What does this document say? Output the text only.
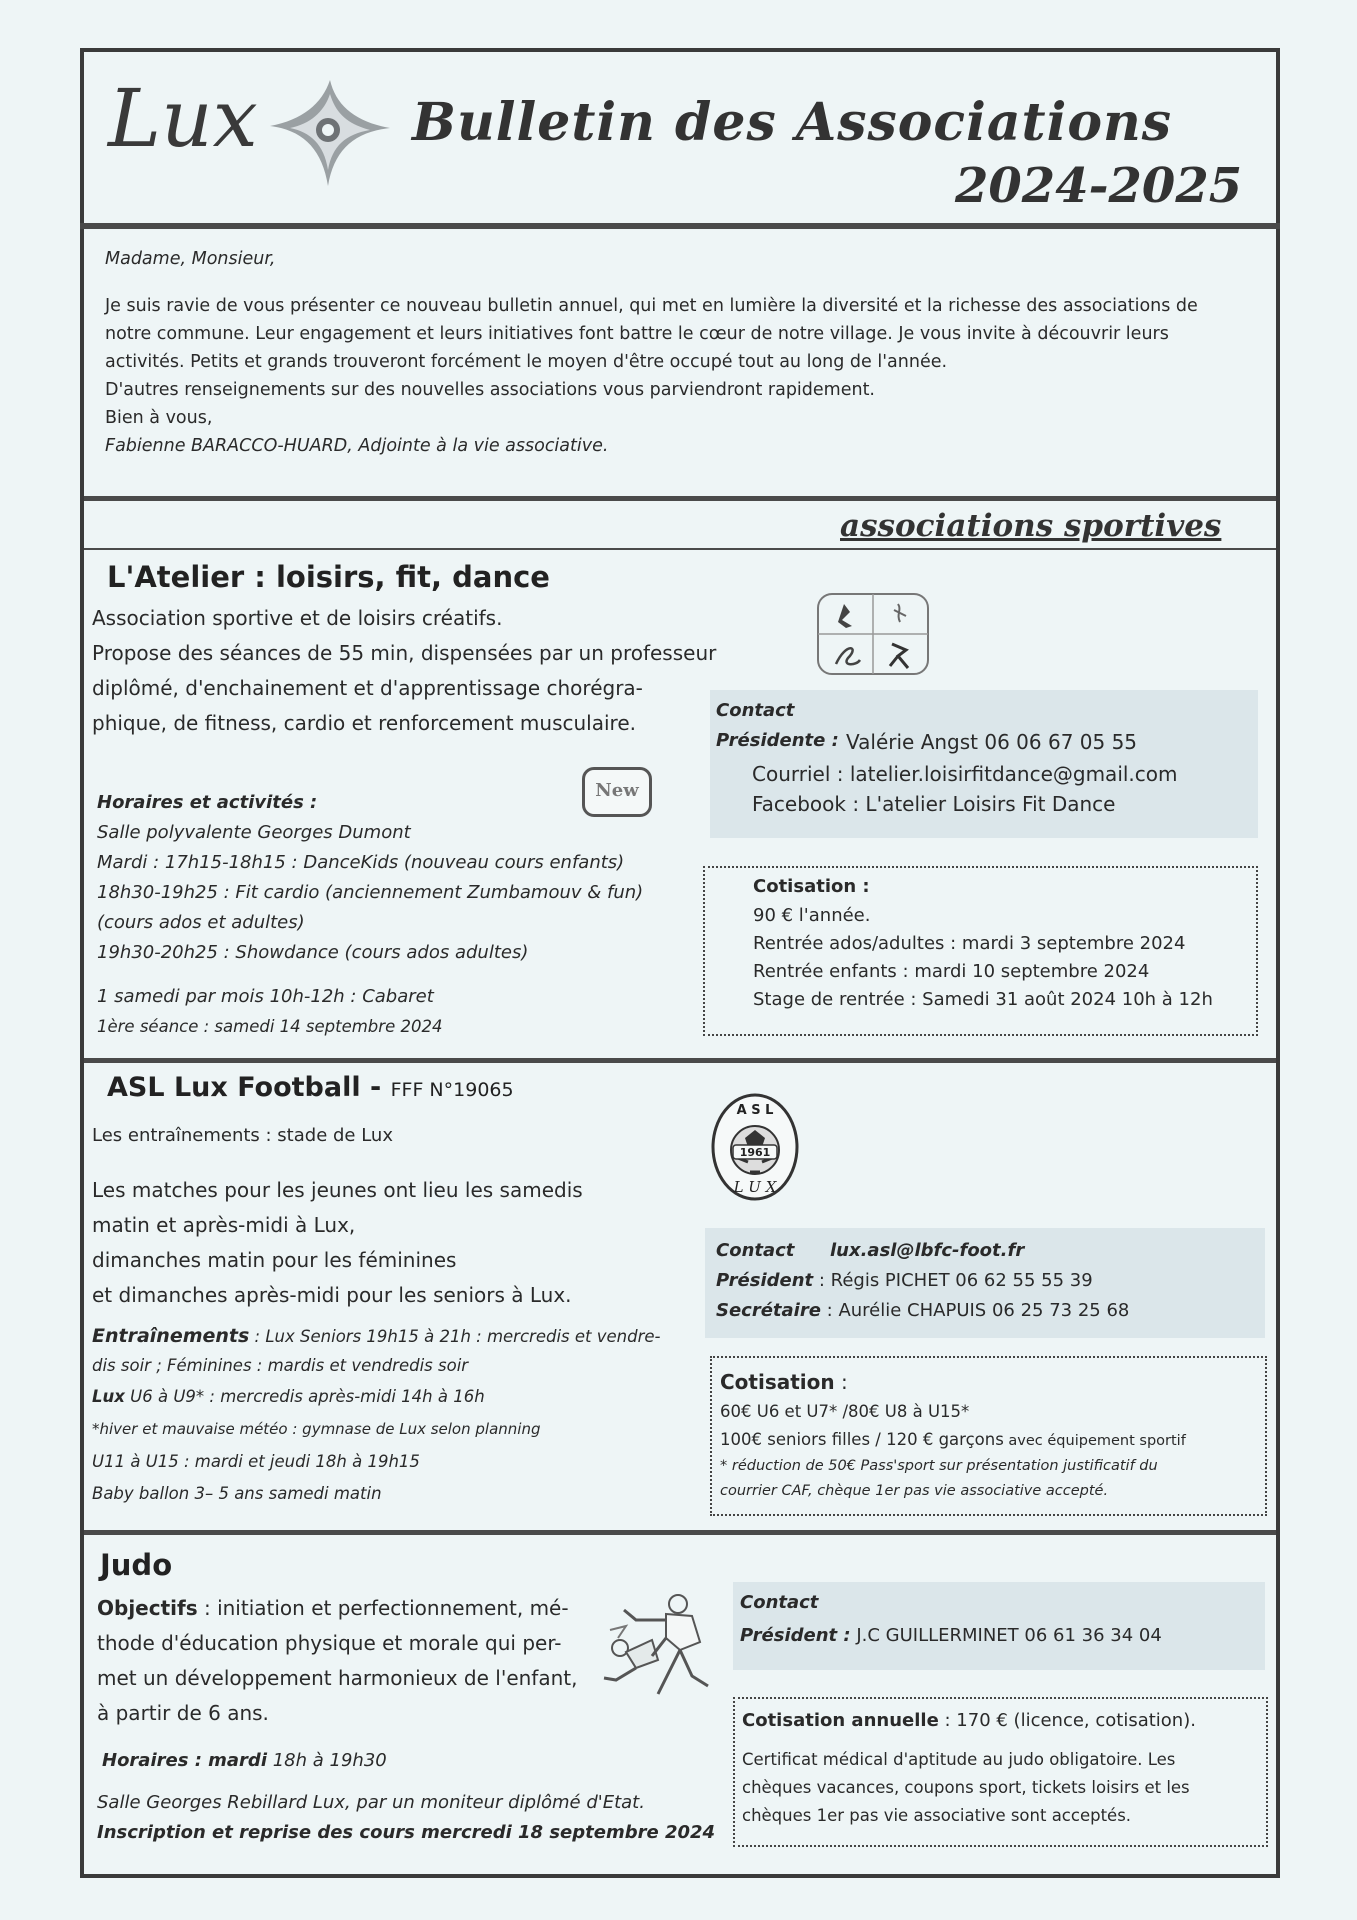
Lux	Bulletin des Associations
2024-2025
Madame, Monsieur,
Je suis ravie de vous présenter ce nouveau bulletin annuel, qui met en lumière la diversité et la richesse des associations de
notre commune. Leur engagement et leurs initiatives font battre le cœur de notre village. Je vous invite à découvrir leurs
activités. Petits et grands trouveront forcément le moyen d'être occupé tout au long de l'année.
D'autres renseignements sur des nouvelles associations vous parviendront rapidement.
Bien à vous,
Fabienne BARACCO-HUARD, Adjointe à la vie associative.
associations sportives
L'Atelier : loisirs, fit, dance
Association sportive et de loisirs créatifs.
Propose des séances de 55 min, dispensées par un professeur
diplômé, d'enchainement et d'apprentissage chorégra-
phique, de fitness, cardio et renforcement musculaire.
New
Horaires et activités :
Salle polyvalente Georges Dumont
Mardi : 17h15-18h15 : DanceKids (nouveau cours enfants)
18h30-19h25 : Fit cardio (anciennement Zumbamouv & fun)
(cours ados et adultes)
19h30-20h25 : Showdance (cours ados adultes)
1 samedi par mois 10h-12h : Cabaret
1ère séance : samedi 14 septembre 2024
Contact
Présidente : Valérie Angst 06 06 67 05 55
Courriel : latelier.loisirfitdance@gmail.com
Facebook : L'atelier Loisirs Fit Dance
Cotisation :
90 € l'année.
Rentrée ados/adultes : mardi 3 septembre 2024
Rentrée enfants : mardi 10 septembre 2024
Stage de rentrée : Samedi 31 août 2024 10h à 12h
ASL Lux Football - FFF N°19065
Les entraînements : stade de Lux
Les matches pour les jeunes ont lieu les samedis
matin et après-midi à Lux,
dimanches matin pour les féminines
et dimanches après-midi pour les seniors à Lux.
Entraînements : Lux Seniors 19h15 à 21h : mercredis et vendre-
dis soir ; Féminines : mardis et vendredis soir
Lux U6 à U9* : mercredis après-midi 14h à 16h
*hiver et mauvaise météo : gymnase de Lux selon planning
U11 à U15 : mardi et jeudi 18h à 19h15
Baby ballon 3– 5 ans samedi matin
1961
A S L
L U X
Contact lux.asl@lbfc-foot.fr
Président : Régis PICHET 06 62 55 55 39
Secrétaire : Aurélie CHAPUIS 06 25 73 25 68
Cotisation :
60€ U6 et U7* /80€ U8 à U15*
100€ seniors filles / 120 € garçons avec équipement sportif
* réduction de 50€ Pass'sport sur présentation justificatif du
courrier CAF, chèque 1er pas vie associative accepté.
Judo
Objectifs : initiation et perfectionnement, mé-
thode d'éducation physique et morale qui per-
met un développement harmonieux de l'enfant,
à partir de 6 ans.
Horaires : mardi 18h à 19h30
Salle Georges Rebillard Lux, par un moniteur diplômé d'Etat.
Inscription et reprise des cours mercredi 18 septembre 2024
Contact
Président : J.C GUILLERMINET 06 61 36 34 04
Cotisation annuelle : 170 € (licence, cotisation).
Certificat médical d'aptitude au judo obligatoire. Les
chèques vacances, coupons sport, tickets loisirs et les
chèques 1er pas vie associative sont acceptés.
